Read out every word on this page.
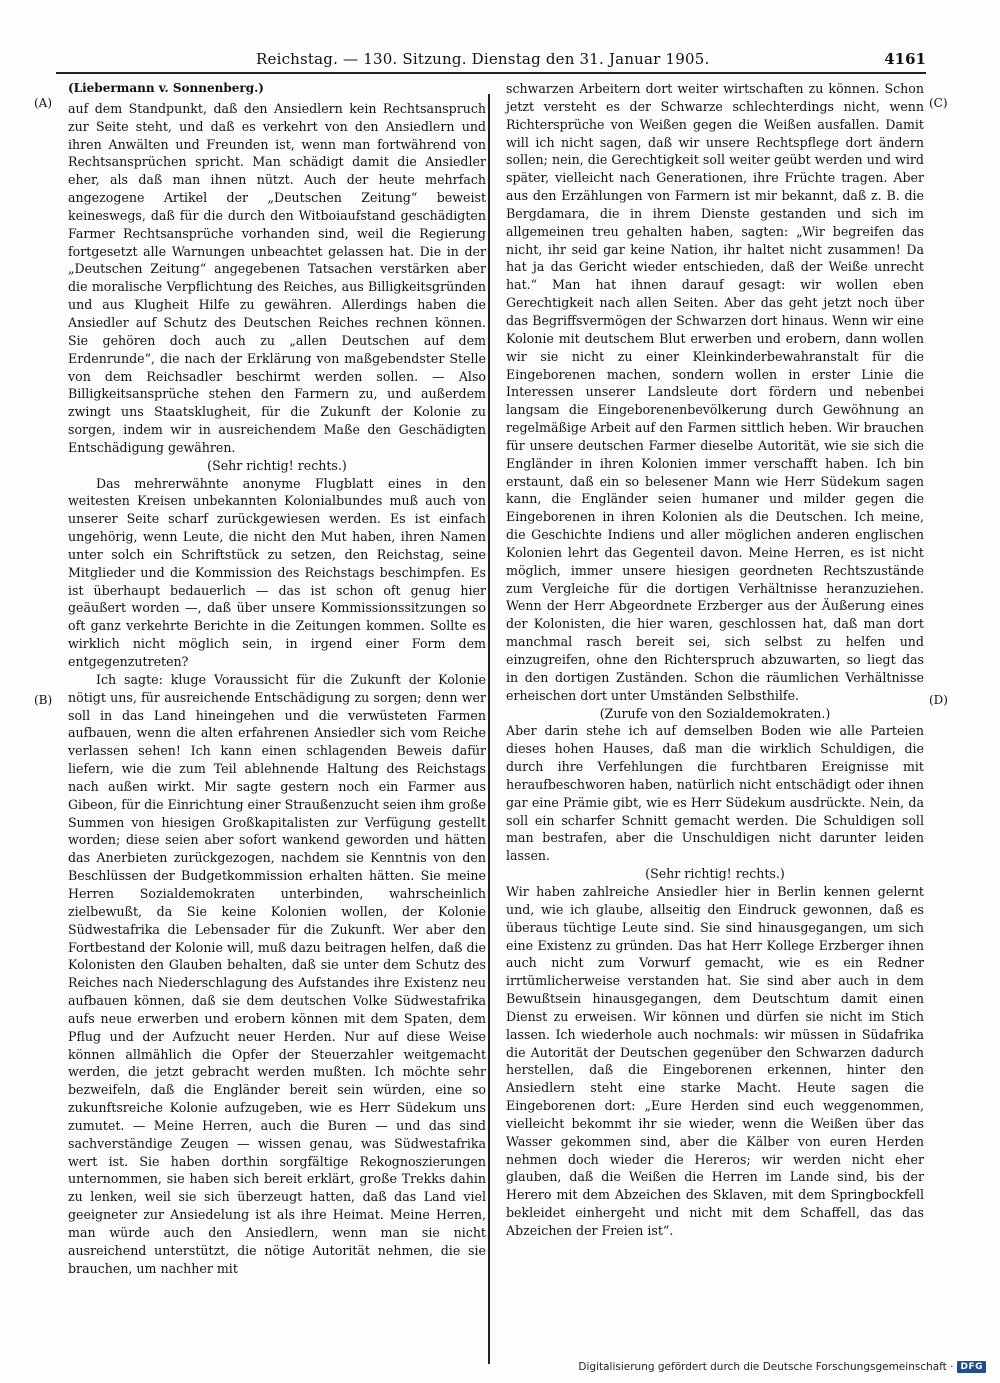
Reichstag. — 130. Sitzung. Dienstag den 31. Januar 1905.	4161
(A)
(B)
(C)
(D)

(Liebermann v. Sonnenberg.)

auf dem Standpunkt, daß den Ansiedlern kein Rechtsanspruch zur Seite steht, und daß es verkehrt von den Ansiedlern und ihren Anwälten und Freunden ist, wenn man fortwährend von Rechtsansprüchen spricht. Man schädigt damit die Ansiedler eher, als daß man ihnen nützt. Auch der heute mehrfach angezogene Artikel der „Deutschen Zeitung“ beweist keineswegs, daß für die durch den Witboiaufstand geschädigten Farmer Rechtsansprüche vorhanden sind, weil die Regierung fortgesetzt alle Warnungen unbeachtet gelassen hat. Die in der „Deutschen Zeitung“ angegebenen Tatsachen verstärken aber die moralische Verpflichtung des Reiches, aus Billigkeitsgründen und aus Klugheit Hilfe zu gewähren. Allerdings haben die Ansiedler auf Schutz des Deutschen Reiches rechnen können. Sie gehören doch auch zu „allen Deutschen auf dem Erdenrunde“, die nach der Erklärung von maßgebendster Stelle von dem Reichsadler beschirmt werden sollen. — Also Billigkeitsansprüche stehen den Farmern zu, und außerdem zwingt uns Staatsklugheit, für die Zukunft der Kolonie zu sorgen, indem wir in ausreichendem Maße den Geschädigten Entschädigung gewähren.

(Sehr richtig! rechts.)

Das mehrerwähnte anonyme Flugblatt eines in den weitesten Kreisen unbekannten Kolonialbundes muß auch von unserer Seite scharf zurückgewiesen werden. Es ist einfach ungehörig, wenn Leute, die nicht den Mut haben, ihren Namen unter solch ein Schriftstück zu setzen, den Reichstag, seine Mitglieder und die Kommission des Reichstags beschimpfen. Es ist überhaupt bedauerlich — das ist schon oft genug hier geäußert worden —, daß über unsere Kommissionssitzungen so oft ganz verkehrte Berichte in die Zeitungen kommen. Sollte es wirklich nicht möglich sein, in irgend einer Form dem entgegenzutreten?

Ich sagte: kluge Voraussicht für die Zukunft der Kolonie nötigt uns, für ausreichende Entschädigung zu sorgen; denn wer soll in das Land hineingehen und die verwüsteten Farmen aufbauen, wenn die alten erfahrenen Ansiedler sich vom Reiche verlassen sehen! Ich kann einen schlagenden Beweis dafür liefern, wie die zum Teil ablehnende Haltung des Reichstags nach außen wirkt. Mir sagte gestern noch ein Farmer aus Gibeon, für die Einrichtung einer Straußenzucht seien ihm große Summen von hiesigen Großkapitalisten zur Verfügung gestellt worden; diese seien aber sofort wankend geworden und hätten das Anerbieten zurückgezogen, nachdem sie Kenntnis von den Beschlüssen der Budgetkommission erhalten hätten. Sie meine Herren Sozialdemokraten unterbinden, wahrscheinlich zielbewußt, da Sie keine Kolonien wollen, der Kolonie Südwestafrika die Lebensader für die Zukunft. Wer aber den Fortbestand der Kolonie will, muß dazu beitragen helfen, daß die Kolonisten den Glauben behalten, daß sie unter dem Schutz des Reiches nach Niederschlagung des Aufstandes ihre Existenz neu aufbauen können, daß sie dem deutschen Volke Südwestafrika aufs neue erwerben und erobern können mit dem Spaten, dem Pflug und der Aufzucht neuer Herden. Nur auf diese Weise können allmählich die Opfer der Steuerzahler weitgemacht werden, die jetzt gebracht werden mußten. Ich möchte sehr bezweifeln, daß die Engländer bereit sein würden, eine so zukunftsreiche Kolonie aufzugeben, wie es Herr Südekum uns zumutet. — Meine Herren, auch die Buren — und das sind sachverständige Zeugen — wissen genau, was Südwestafrika wert ist. Sie haben dorthin sorgfältige Rekognoszierungen unternommen, sie haben sich bereit erklärt, große Trekks dahin zu lenken, weil sie sich überzeugt hatten, daß das Land viel geeigneter zur Ansiedelung ist als ihre Heimat. Meine Herren, man würde auch den Ansiedlern, wenn man sie nicht ausreichend unterstützt, die nötige Autorität nehmen, die sie brauchen, um nachher mit

schwarzen Arbeitern dort weiter wirtschaften zu können. Schon jetzt versteht es der Schwarze schlechterdings nicht, wenn Richtersprüche von Weißen gegen die Weißen ausfallen. Damit will ich nicht sagen, daß wir unsere Rechtspflege dort ändern sollen; nein, die Gerechtigkeit soll weiter geübt werden und wird später, vielleicht nach Generationen, ihre Früchte tragen. Aber aus den Erzählungen von Farmern ist mir bekannt, daß z. B. die Bergdamara, die in ihrem Dienste gestanden und sich im allgemeinen treu gehalten haben, sagten: „Wir begreifen das nicht, ihr seid gar keine Nation, ihr haltet nicht zusammen! Da hat ja das Gericht wieder entschieden, daß der Weiße unrecht hat.“ Man hat ihnen darauf gesagt: wir wollen eben Gerechtigkeit nach allen Seiten. Aber das geht jetzt noch über das Begriffsvermögen der Schwarzen dort hinaus. Wenn wir eine Kolonie mit deutschem Blut erwerben und erobern, dann wollen wir sie nicht zu einer Kleinkinderbewahranstalt für die Eingeborenen machen, sondern wollen in erster Linie die Interessen unserer Landsleute dort fördern und nebenbei langsam die Eingeborenenbevölkerung durch Gewöhnung an regelmäßige Arbeit auf den Farmen sittlich heben. Wir brauchen für unsere deutschen Farmer dieselbe Autorität, wie sie sich die Engländer in ihren Kolonien immer verschafft haben. Ich bin erstaunt, daß ein so belesener Mann wie Herr Südekum sagen kann, die Engländer seien humaner und milder gegen die Eingeborenen in ihren Kolonien als die Deutschen. Ich meine, die Geschichte Indiens und aller möglichen anderen englischen Kolonien lehrt das Gegenteil davon. Meine Herren, es ist nicht möglich, immer unsere hiesigen geordneten Rechtszustände zum Vergleiche für die dortigen Verhältnisse heranzuziehen. Wenn der Herr Abgeordnete Erzberger aus der Äußerung eines der Kolonisten, die hier waren, geschlossen hat, daß man dort manchmal rasch bereit sei, sich selbst zu helfen und einzugreifen, ohne den Richterspruch abzuwarten, so liegt das in den dortigen Zuständen. Schon die räumlichen Verhältnisse erheischen dort unter Umständen Selbsthilfe.

(Zurufe von den Sozialdemokraten.)

Aber darin stehe ich auf demselben Boden wie alle Parteien dieses hohen Hauses, daß man die wirklich Schuldigen, die durch ihre Verfehlungen die furchtbaren Ereignisse mit heraufbeschworen haben, natürlich nicht entschädigt oder ihnen gar eine Prämie gibt, wie es Herr Südekum ausdrückte. Nein, da soll ein scharfer Schnitt gemacht werden. Die Schuldigen soll man bestrafen, aber die Unschuldigen nicht darunter leiden lassen.

(Sehr richtig! rechts.)

Wir haben zahlreiche Ansiedler hier in Berlin kennen gelernt und, wie ich glaube, allseitig den Eindruck gewonnen, daß es überaus tüchtige Leute sind. Sie sind hinausgegangen, um sich eine Existenz zu gründen. Das hat Herr Kollege Erzberger ihnen auch nicht zum Vorwurf gemacht, wie es ein Redner irrtümlicherweise verstanden hat. Sie sind aber auch in dem Bewußtsein hinausgegangen, dem Deutschtum damit einen Dienst zu erweisen. Wir können und dürfen sie nicht im Stich lassen. Ich wiederhole auch nochmals: wir müssen in Südafrika die Autorität der Deutschen gegenüber den Schwarzen dadurch herstellen, daß die Eingeborenen erkennen, hinter den Ansiedlern steht eine starke Macht. Heute sagen die Eingeborenen dort: „Eure Herden sind euch weggenommen, vielleicht bekommt ihr sie wieder, wenn die Weißen über das Wasser gekommen sind, aber die Kälber von euren Herden nehmen doch wieder die Hereros; wir werden nicht eher glauben, daß die Weißen die Herren im Lande sind, bis der Herero mit dem Abzeichen des Sklaven, mit dem Springbockfell bekleidet einhergeht und nicht mit dem Schaffell, das das Abzeichen der Freien ist“.

Digitalisierung gefördert durch die Deutsche Forschungsgemeinschaft · DFG
